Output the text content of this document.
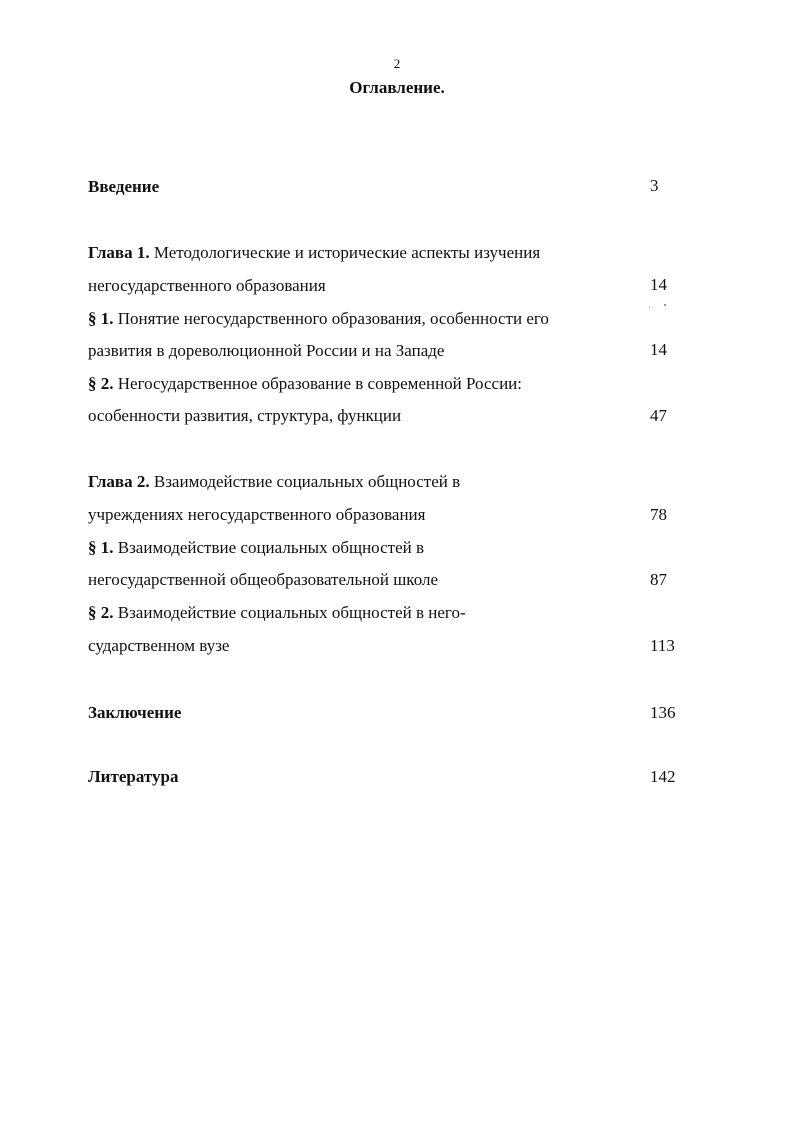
2
Оглавление.
Введение	3
Глава 1. Методологические и исторические аспекты изучения
негосударственного образования	14
§ 1. Понятие негосударственного образования, особенности его
развития в дореволюционной России и на Западе	14
§ 2. Негосударственное образование в современной России:
особенности развития, структура, функции	47
Глава 2. Взаимодействие социальных общностей в
учреждениях негосударственного образования	78
§ 1. Взаимодействие социальных общностей в
негосударственной общеобразовательной школе	87
§ 2. Взаимодействие социальных общностей в него-
сударственном вузе	113
Заключение	136
Литература	142
